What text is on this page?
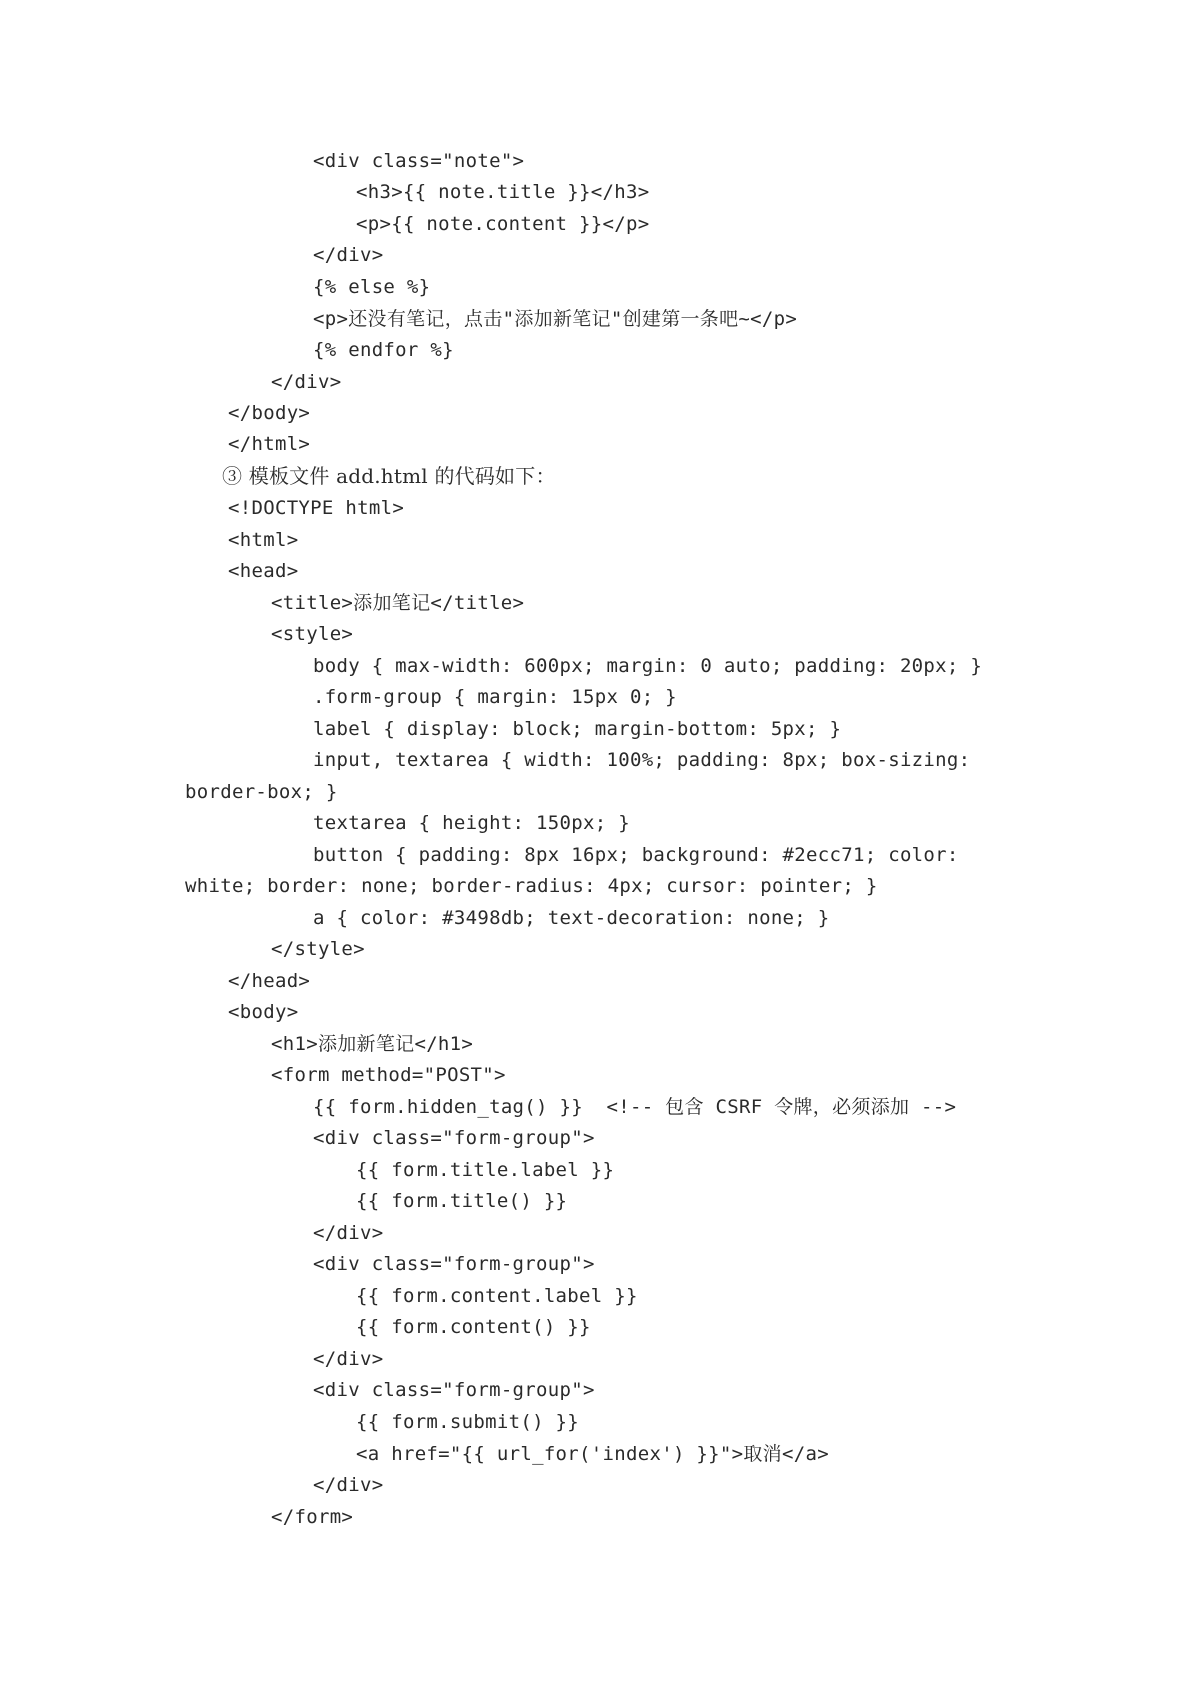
<div class="note">
<h3>{{ note.title }}</h3>
<p>{{ note.content }}</p>
</div>
{% else %}
<p>还没有笔记，点击"添加新笔记"创建第一条吧~</p>
{% endfor %}
</div>
</body>
</html>
③ 模板文件 add.html 的代码如下：
<!DOCTYPE html>
<html>
<head>
<title>添加笔记</title>
<style>
body { max-width: 600px; margin: 0 auto; padding: 20px; }
.form-group { margin: 15px 0; }
label { display: block; margin-bottom: 5px; }
input, textarea { width: 100%; padding: 8px; box-sizing:
border-box; }
textarea { height: 150px; }
button { padding: 8px 16px; background: #2ecc71; color:
white; border: none; border-radius: 4px; cursor: pointer; }
a { color: #3498db; text-decoration: none; }
</style>
</head>
<body>
<h1>添加新笔记</h1>
<form method="POST">
{{ form.hidden_tag() }}  <!-- 包含 CSRF 令牌，必须添加 -->
<div class="form-group">
{{ form.title.label }}
{{ form.title() }}
</div>
<div class="form-group">
{{ form.content.label }}
{{ form.content() }}
</div>
<div class="form-group">
{{ form.submit() }}
<a href="{{ url_for('index') }}">取消</a>
</div>
</form>
